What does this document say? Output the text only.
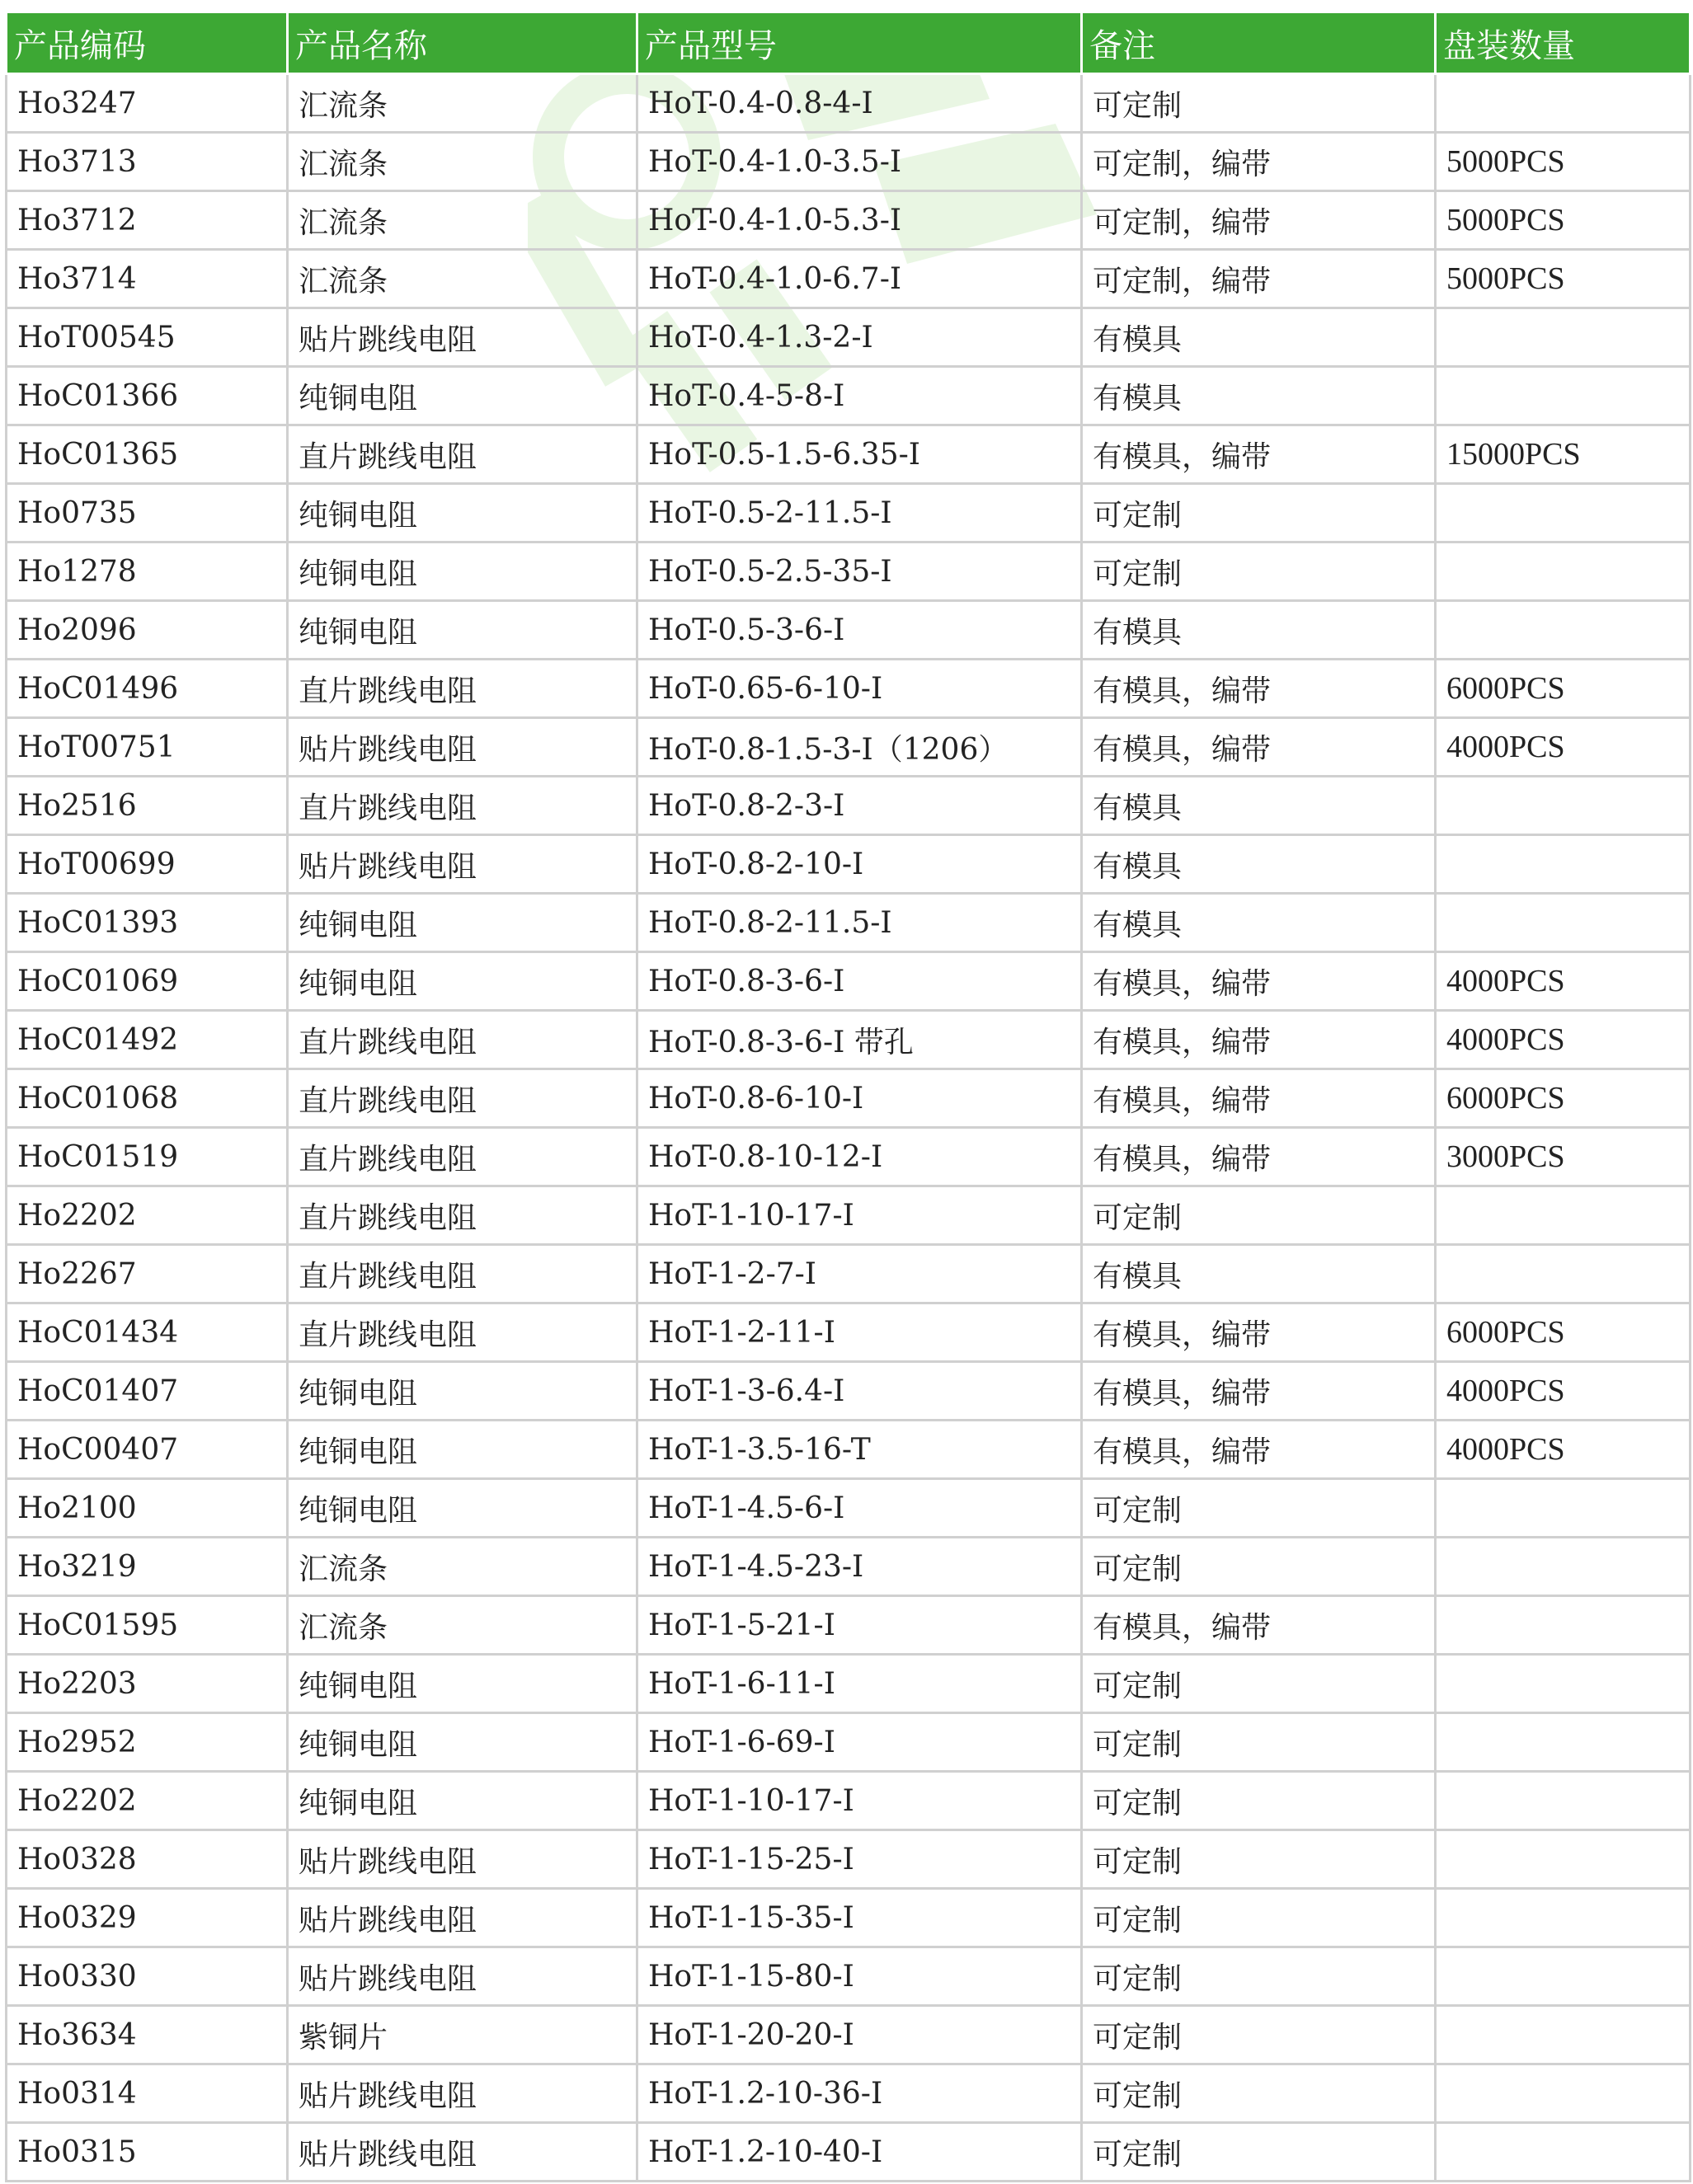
产品编码	产品名称	产品型号	备注	盘装数量
Ho3247	汇流条	HoT-0.4-0.8-4-I	可定制	
Ho3713	汇流条	HoT-0.4-1.0-3.5-I	可定制，编带	5000PCS
Ho3712	汇流条	HoT-0.4-1.0-5.3-I	可定制，编带	5000PCS
Ho3714	汇流条	HoT-0.4-1.0-6.7-I	可定制，编带	5000PCS
HoT00545	贴片跳线电阻	HoT-0.4-1.3-2-I	有模具	
HoC01366	纯铜电阻	HoT-0.4-5-8-I	有模具	
HoC01365	直片跳线电阻	HoT-0.5-1.5-6.35-I	有模具，编带	15000PCS
Ho0735	纯铜电阻	HoT-0.5-2-11.5-I	可定制	
Ho1278	纯铜电阻	HoT-0.5-2.5-35-I	可定制	
Ho2096	纯铜电阻	HoT-0.5-3-6-I	有模具	
HoC01496	直片跳线电阻	HoT-0.65-6-10-I	有模具，编带	6000PCS
HoT00751	贴片跳线电阻	HoT-0.8-1.5-3-I（1206）	有模具，编带	4000PCS
Ho2516	直片跳线电阻	HoT-0.8-2-3-I	有模具	
HoT00699	贴片跳线电阻	HoT-0.8-2-10-I	有模具	
HoC01393	纯铜电阻	HoT-0.8-2-11.5-I	有模具	
HoC01069	纯铜电阻	HoT-0.8-3-6-I	有模具，编带	4000PCS
HoC01492	直片跳线电阻	HoT-0.8-3-6-I 带孔	有模具，编带	4000PCS
HoC01068	直片跳线电阻	HoT-0.8-6-10-I	有模具，编带	6000PCS
HoC01519	直片跳线电阻	HoT-0.8-10-12-I	有模具，编带	3000PCS
Ho2202	直片跳线电阻	HoT-1-10-17-I	可定制	
Ho2267	直片跳线电阻	HoT-1-2-7-I	有模具	
HoC01434	直片跳线电阻	HoT-1-2-11-I	有模具，编带	6000PCS
HoC01407	纯铜电阻	HoT-1-3-6.4-I	有模具，编带	4000PCS
HoC00407	纯铜电阻	HoT-1-3.5-16-T	有模具，编带	4000PCS
Ho2100	纯铜电阻	HoT-1-4.5-6-I	可定制	
Ho3219	汇流条	HoT-1-4.5-23-I	可定制	
HoC01595	汇流条	HoT-1-5-21-I	有模具，编带	
Ho2203	纯铜电阻	HoT-1-6-11-I	可定制	
Ho2952	纯铜电阻	HoT-1-6-69-I	可定制	
Ho2202	纯铜电阻	HoT-1-10-17-I	可定制	
Ho0328	贴片跳线电阻	HoT-1-15-25-I	可定制	
Ho0329	贴片跳线电阻	HoT-1-15-35-I	可定制	
Ho0330	贴片跳线电阻	HoT-1-15-80-I	可定制	
Ho3634	紫铜片	HoT-1-20-20-I	可定制	
Ho0314	贴片跳线电阻	HoT-1.2-10-36-I	可定制	
Ho0315	贴片跳线电阻	HoT-1.2-10-40-I	可定制	
